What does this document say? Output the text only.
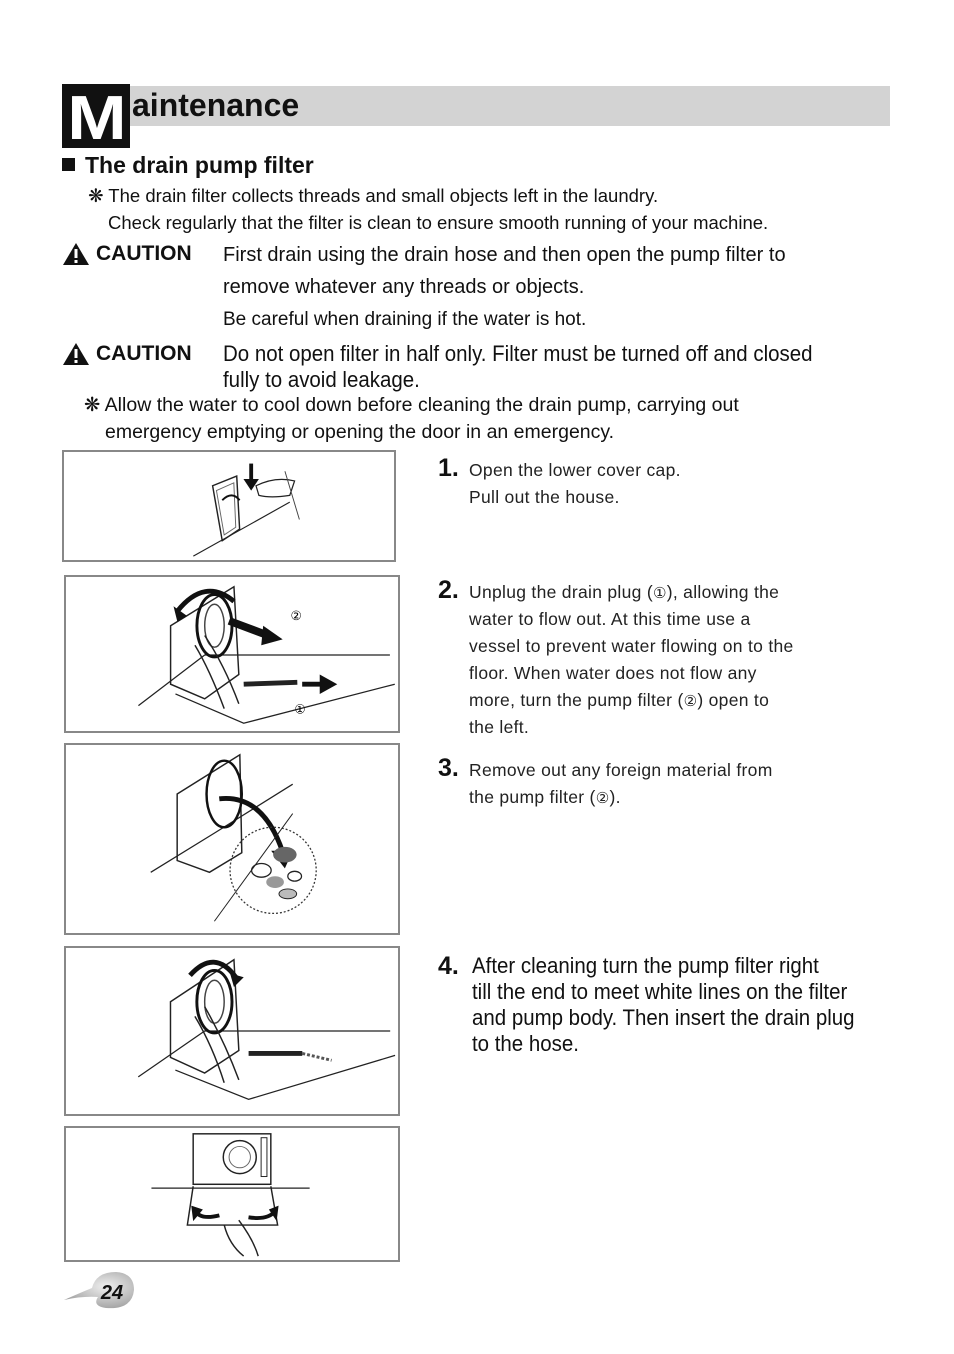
M aintenance
The drain pump filter
❋ The drain filter collects threads and small objects left in the laundry.
Check regularly that the filter is clean to ensure smooth running of your machine.
CAUTION First drain using the drain hose and then open the pump filter to
remove whatever any threads or objects.
Be careful when draining if the water is hot.
CAUTION Do not open filter in half only. Filter must be turned off and closed
fully to avoid leakage.
❋ Allow the water to cool down before cleaning the drain pump, carrying out
emergency emptying or opening the door in an emergency.
②
①
1. Open the lower cover cap.
Pull out the house.
2. Unplug the drain plug (①), allowing the
water to flow out. At this time use a
vessel to prevent water flowing on to the
floor. When water does not flow any
more, turn the pump filter (②) open to
the left.
3. Remove out any foreign material from
the pump filter (②).
4. After cleaning turn the pump filter right
till the end to meet white lines on the filter
and pump body. Then insert the drain plug
to the hose.
24
